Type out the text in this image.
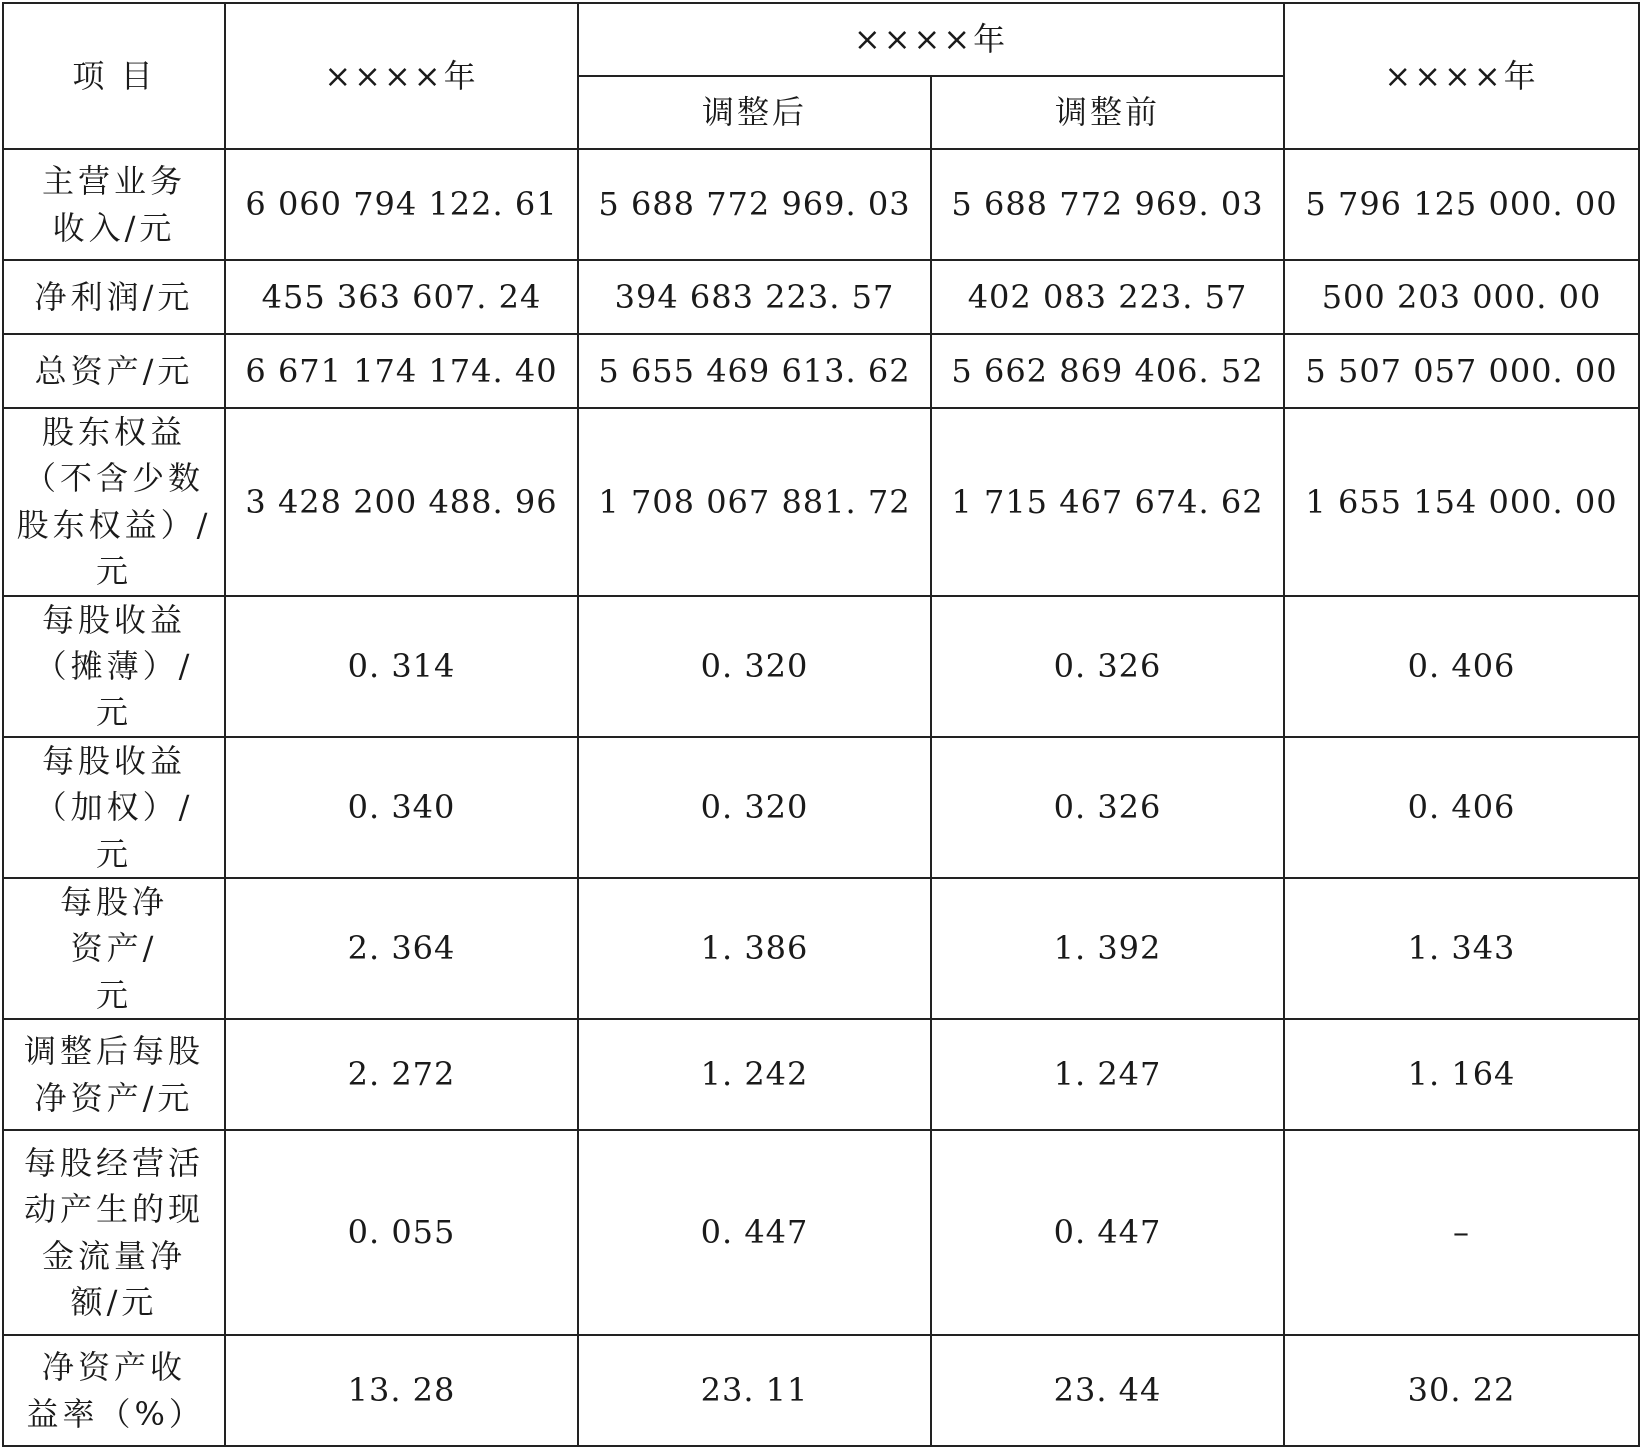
项 目	××××年	××××年		××××年
		调整后	调整前	
主营业务收入/元	6 060 794 122. 61	5 688 772 969. 03	5 688 772 969. 03	5 796 125 000. 00
净利润/元	455 363 607. 24	394 683 223. 57	402 083 223. 57	500 203 000. 00
总资产/元	6 671 174 174. 40	5 655 469 613. 62	5 662 869 406. 52	5 507 057 000. 00
股东权益（不含少数股东权益）/元	3 428 200 488. 96	1 708 067 881. 72	1 715 467 674. 62	1 655 154 000. 00
每股收益（摊薄）/元	0. 314	0. 320	0. 326	0. 406
每股收益（加权）/元	0. 340	0. 320	0. 326	0. 406
每股净资产/元	2. 364	1. 386	1. 392	1. 343
调整后每股净资产/元	2. 272	1. 242	1. 247	1. 164
每股经营活动产生的现金流量净额/元	0. 055	0. 447	0. 447	–
净资产收益率（%）	13. 28	23. 11	23. 44	30. 22
